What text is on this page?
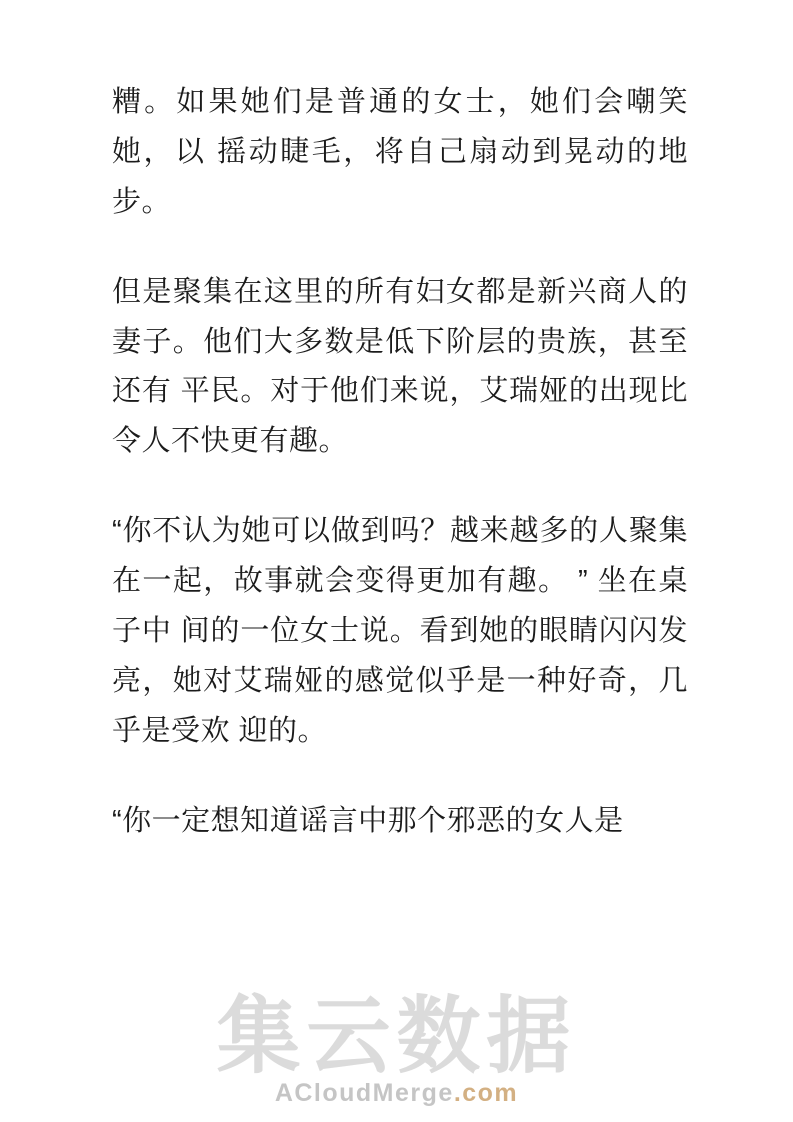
糟。如果她们是普通的女士，她们会嘲笑她，以 摇动睫毛，将自己扇动到晃动的地步。

但是聚集在这里的所有妇女都是新兴商人的妻子。他们大多数是低下阶层的贵族，甚至还有 平民。对于他们来说，艾瑞娅的出现比令人不快更有趣。

“你不认为她可以做到吗？越来越多的人聚集在一起，故事就会变得更加有趣。 ” 坐在桌子中 间的一位女士说。看到她的眼睛闪闪发亮，她对艾瑞娅的感觉似乎是一种好奇，几乎是受欢 迎的。

“你一定想知道谣言中那个邪恶的女人是

集云数据
ACloudMerge.com
